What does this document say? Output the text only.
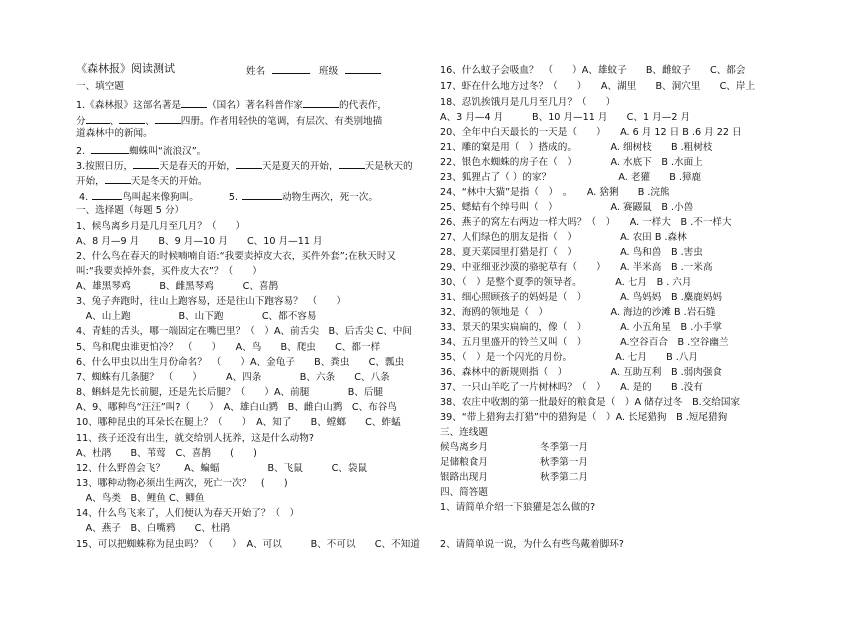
《森林报》阅读测试	姓名	班级
一、填空题
1.《森林报》这部名著是	（国名）著名科普作家	的代表作，
分	、	、	四册。作者用轻快的笔调，有层次、有类别地描
道森林中的新闻。
2.	蜘蛛叫“流浪汉”。
3.按照日历，	天是春天的开始，	天是夏天的开始，	天是秋天的
开始，	天是冬天的开始。
4.	鸟叫起来像狗叫。	5.	动物生两次，死一次。
一、选择题（每题 5 分）
1、候鸟离乡月是几月至几月？（　　）
A、8 月—9 月　　B、9 月—10 月　　C、10 月—11 月
2、什么鸟在春天的时候喃喃自语:“我要卖掉皮大衣，买件外套”;在秋天时又
叫:“我要卖掉外套，买件皮大衣”？（　　）
A、雄黑琴鸡　　　B、雌黑琴鸡　　　C、喜鹊
3、兔子奔跑时，往山上跑容易，还是往山下跑容易？　（　　）
　A、山上跑　　　　　B、山下跑　　　　C、都不容易
4、青蛙的舌头，哪一端固定在嘴巴里？（　）A、前舌尖　B、后舌尖 C、中间
5、鸟和爬虫谁更怕冷？　（　　）　　A、鸟　　B、爬虫　　C、都一样
6、什么甲虫以出生月份命名？　（　　）A、金龟子　　B、粪虫　　C、瓢虫
7、蜘蛛有几条腿？　（　　）　　　A、四条　　　　B、六条　　C、八条
8、蝌蚪是先长前腿，还是先长后腿？（　　）A、前腿　　　　B、后腿
A、9、哪种鸟“汪汪”叫?（　　）　A、雄白山鹨　B、雌白山鹨　C、布谷鸟
10、哪种昆虫的耳朵长在腿上？（　　）　A、知了　　B、螳螂　　C、蚱蜢
11、孩子还没有出生，就交给别人抚养，这是什么动物?
A、杜鹃　　B、苇莺　C、喜鹊　　(　　)
12、什么野兽会飞？　　A、蝙蝠　　　　　B、飞鼠　　　C、袋鼠
13、哪种动物必须出生两次，死亡一次？　(　　)
　A、鸟类　B、鲤鱼 C、鲫鱼
14、什么鸟飞来了，人们便认为春天开始了？（　）
　A、燕子　B、白嘴鸦　　C、杜鹃
15、可以把蜘蛛称为昆虫吗？（　　）　A、可以　　　B、不可以　　C、不知道
16、什么蚊子会吸血？　（　　）A、雄蚊子　　B、雌蚊子　　C、都会
17、虾在什么地方过冬？（　　）　　A、湖里　　B、洞穴里　　C、岸上
18、忍饥挨饿月是几月至几月？（　　）
A、3 月—4 月　　　B、10 月—11 月　　C、1 月—2 月
20、全年中白天最长的一天是（　　）　　A. 6 月 12 日 B .6 月 22 日
21、雕的窠是用（　）搭成的。　　　　A. 细树枝　　B .粗树枝
22、银色水蜘蛛的房子在（　）　　　　A. 水底下　B .水面上
23、狐狸占了（ ）的家？　　　　　　　A. 老獾　　B .獐鹿
24、“林中大猫”是指（　）　。　　A. 猞猁　　B .浣熊
25、蟋蛄有个绰号叫（　）　　　　　　A. 赛鼹鼠　B .小兽
26、燕子的窝左右两边一样大吗？（　）　　A. 一样大　B .不一样大
27、人们绿色的朋友是指（　）　　　　　A. 农田 B .森林
28、夏天菜园里打猎是打（　）　　　　　A. 鸟和兽　B .害虫
29、中亚细亚沙漠的骆驼草有（　　）　　A. 半米高　B .一米高
30、（　）是整个夏季的领导者。　　　　A. 七月　B . 六月
31、细心照顾孩子的妈妈是（　）　　　　A. 鸟妈妈　B .麋鹿妈妈
32、海鸥的领地是（　）　　　　　　　A. 海边的沙滩 B .岩石缝
33、景天的果实扁扁的，像（　）　　　　A. 小五角星　B .小手掌
34、五月里盛开的铃兰又叫（　）　　　　A.空谷百合　B .空谷幽兰
35、（　）是一个闪光的月份。　　　　　A. 七月　　B .八月
36、森林中的新规则指（　）　　　　　A. 互助互利　B .弱肉强食
37、一只山羊吃了一片树林吗？（　）　　A. 是的　　B .没有
38、农庄中收割的第一批最好的粮食是（　）A 储存过冬　B.交给国家
39、“带上猎狗去打猎”中的猎狗是（　）A. 长尾猎狗　B .短尾猎狗
三、连线题
候鸟离乡月	冬季第一月
足储粮食月	秋季第一月
银路出现月	秋季第二月
四、简答题
1、请简单介绍一下狼獾是怎么做的?
2、请简单说一说，为什么有些鸟戴着脚环?
